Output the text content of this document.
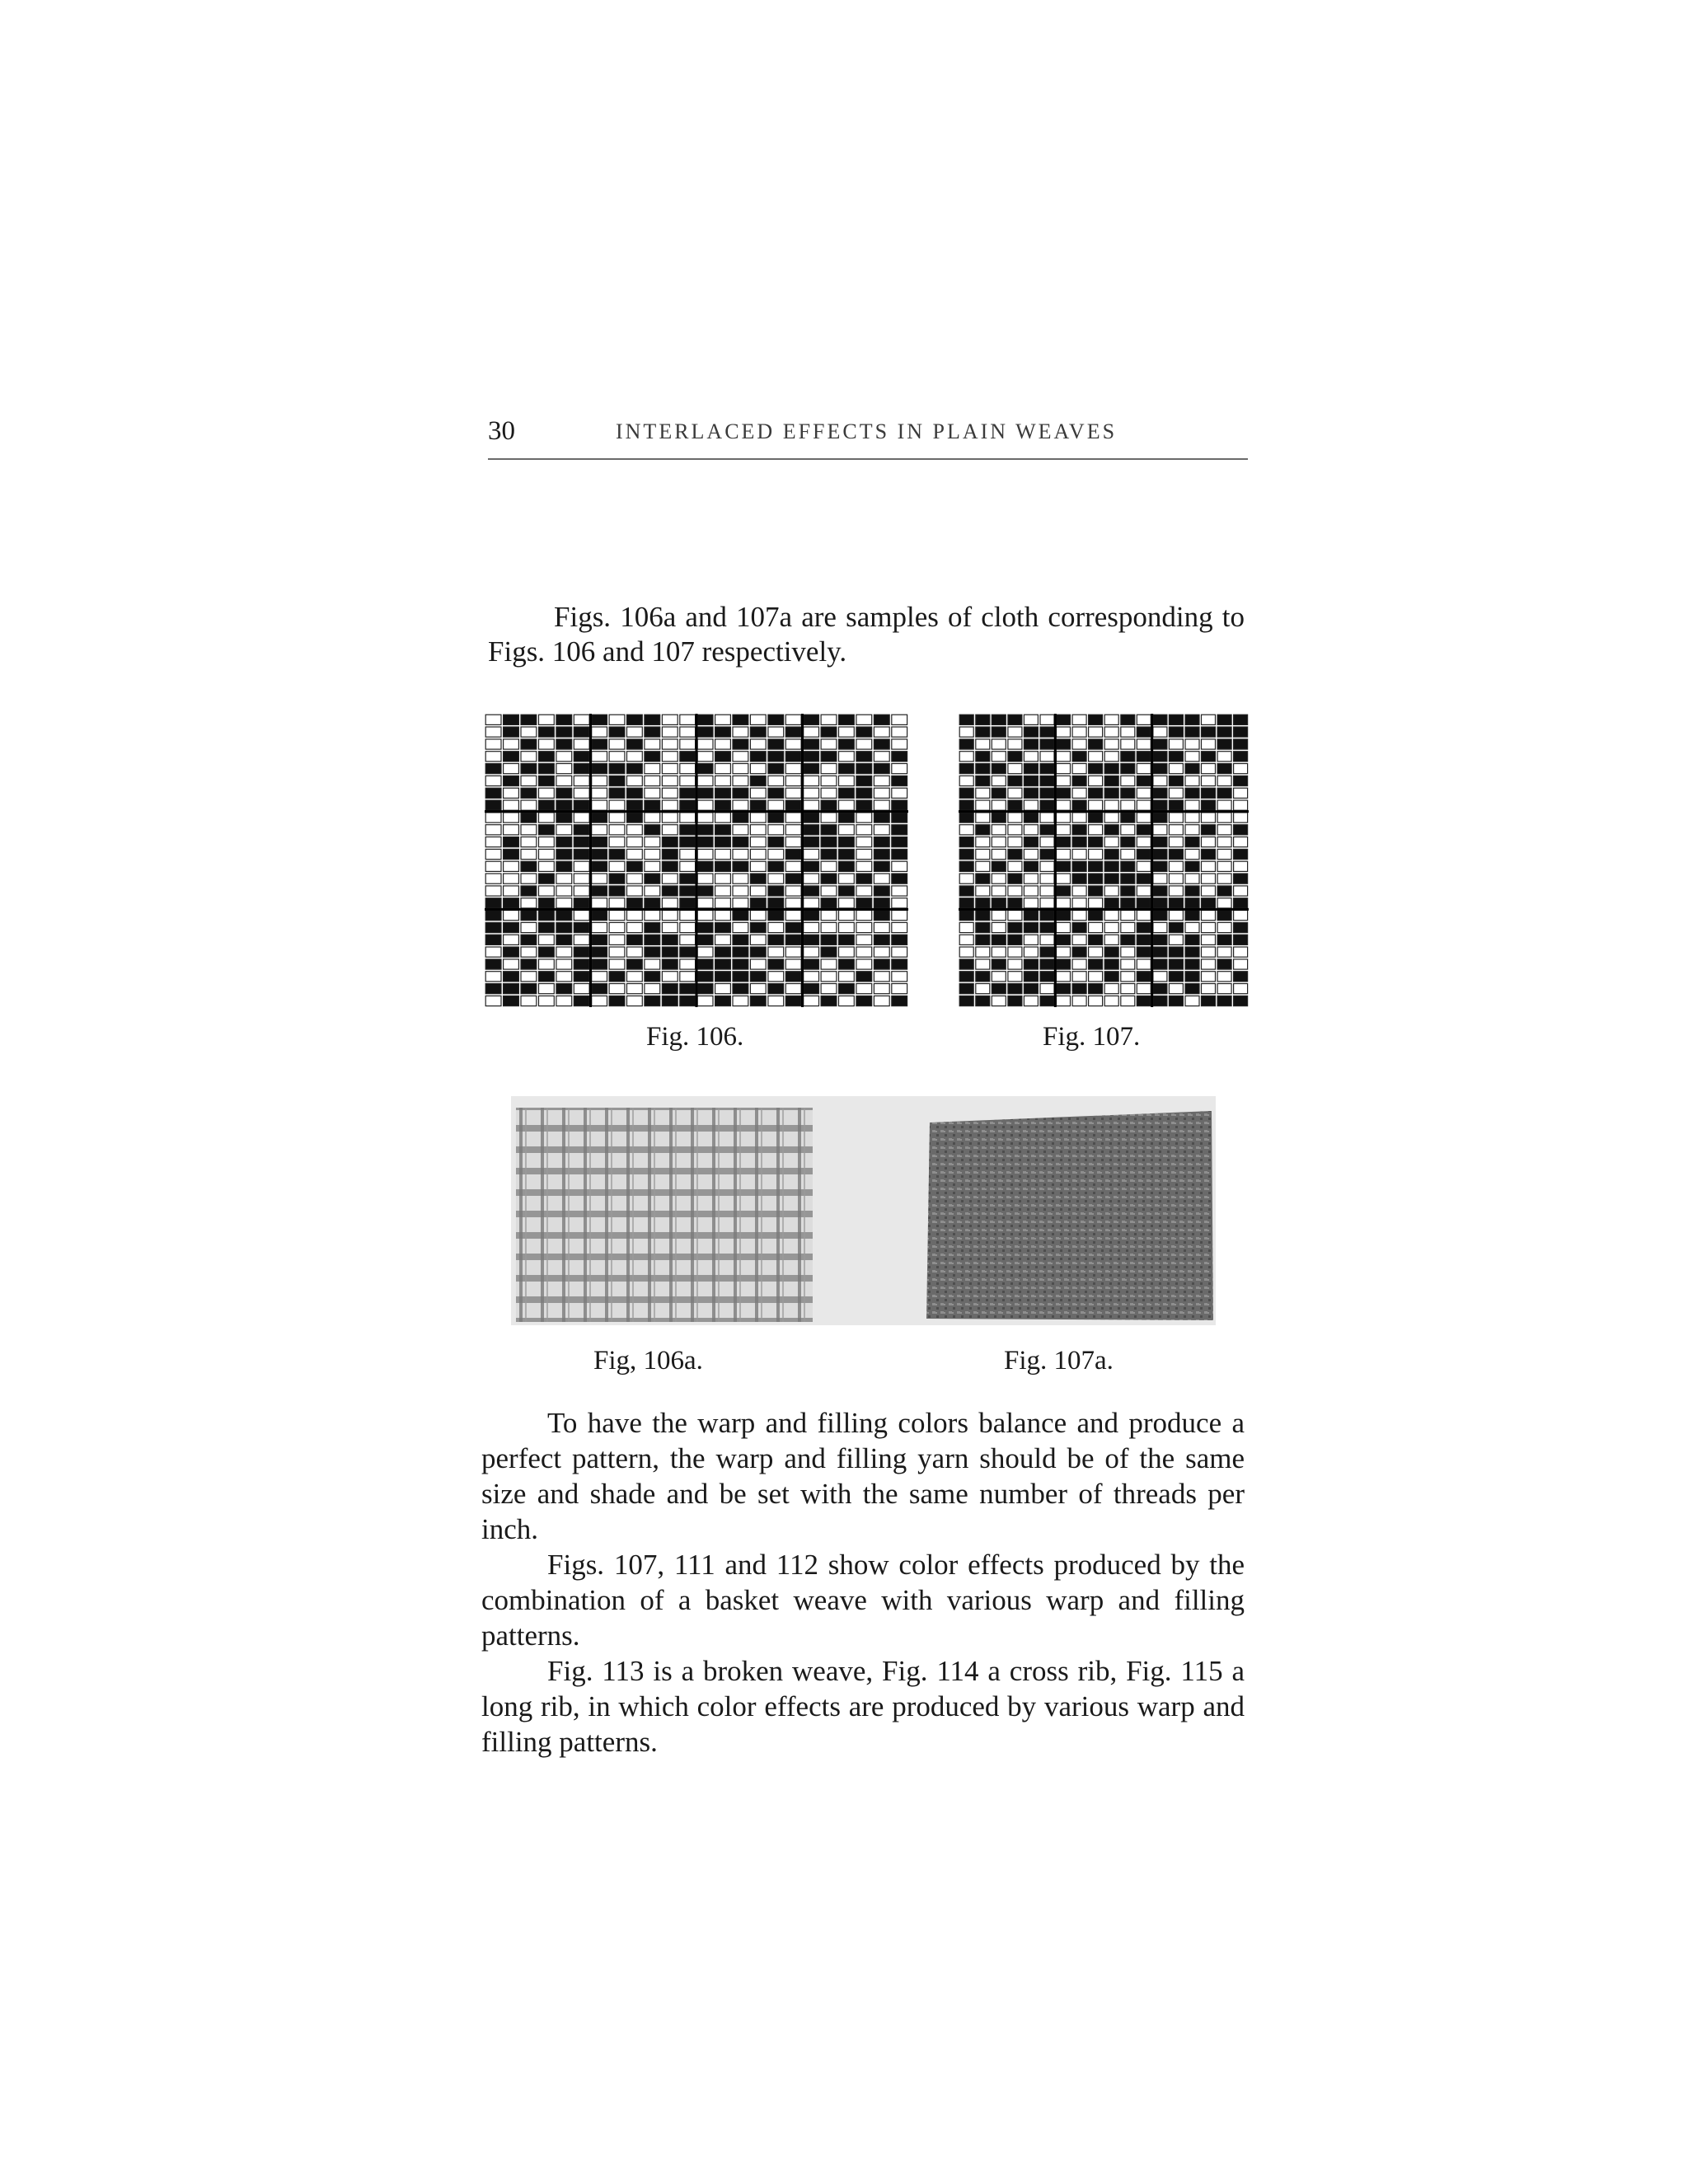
30	INTERLACED EFFECTS IN PLAIN WEAVES
Figs. 106a and 107a are samples of cloth corresponding to Figs. 106 and 107 respectively.
Fig. 106.	Fig. 107.
Fig, 106a.	Fig. 107a.

To have the warp and filling colors balance and produce a perfect pattern, the warp and filling yarn should be of the same size and shade and be set with the same number of threads per inch.

Figs. 107, 111 and 112 show color effects produced by the combination of a basket weave with various warp and filling patterns.

Fig. 113 is a broken weave, Fig. 114 a cross rib, Fig. 115 a long rib, in which color effects are produced by various warp and filling patterns.
